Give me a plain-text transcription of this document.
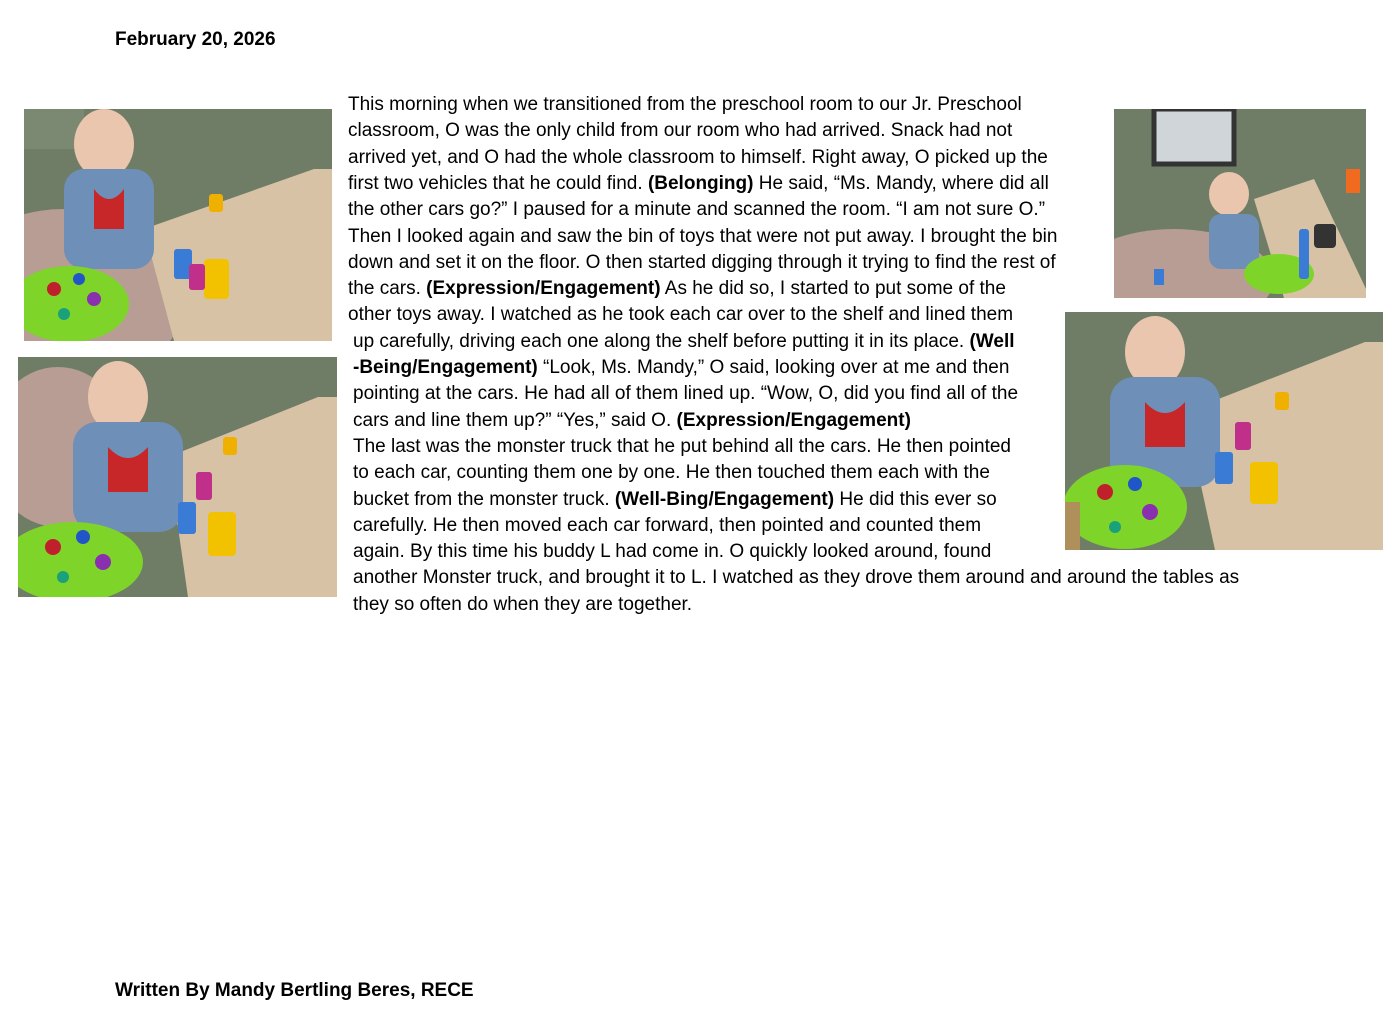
February 20, 2026
This morning when we transitioned from the preschool room to our Jr. Preschool
classroom, O was the only child from our room who had arrived. Snack had not
arrived yet, and O had the whole classroom to himself. Right away, O picked up the
first two vehicles that he could find. (Belonging) He said, “Ms. Mandy, where did all
the other cars go?” I paused for a minute and scanned the room. “I am not sure O.”
Then I looked again and saw the bin of toys that were not put away. I brought the bin
down and set it on the floor. O then started digging through it trying to find the rest of
the cars. (Expression/Engagement) As he did so, I started to put some of the
other toys away. I watched as he took each car over to the shelf and lined them
up carefully, driving each one along the shelf before putting it in its place. (Well
-Being/Engagement) “Look, Ms. Mandy,” O said, looking over at me and then
pointing at the cars. He had all of them lined up. “Wow, O, did you find all of the
cars and line them up?” “Yes,” said O. (Expression/Engagement)
The last was the monster truck that he put behind all the cars. He then pointed
to each car, counting them one by one. He then touched them each with the
bucket from the monster truck. (Well-Bing/Engagement) He did this ever so
carefully. He then moved each car forward, then pointed and counted them
again. By this time his buddy L had come in. O quickly looked around, found
another Monster truck, and brought it to L. I watched as they drove them around and around the tables as
they so often do when they are together.
Written By Mandy Bertling Beres, RECE
